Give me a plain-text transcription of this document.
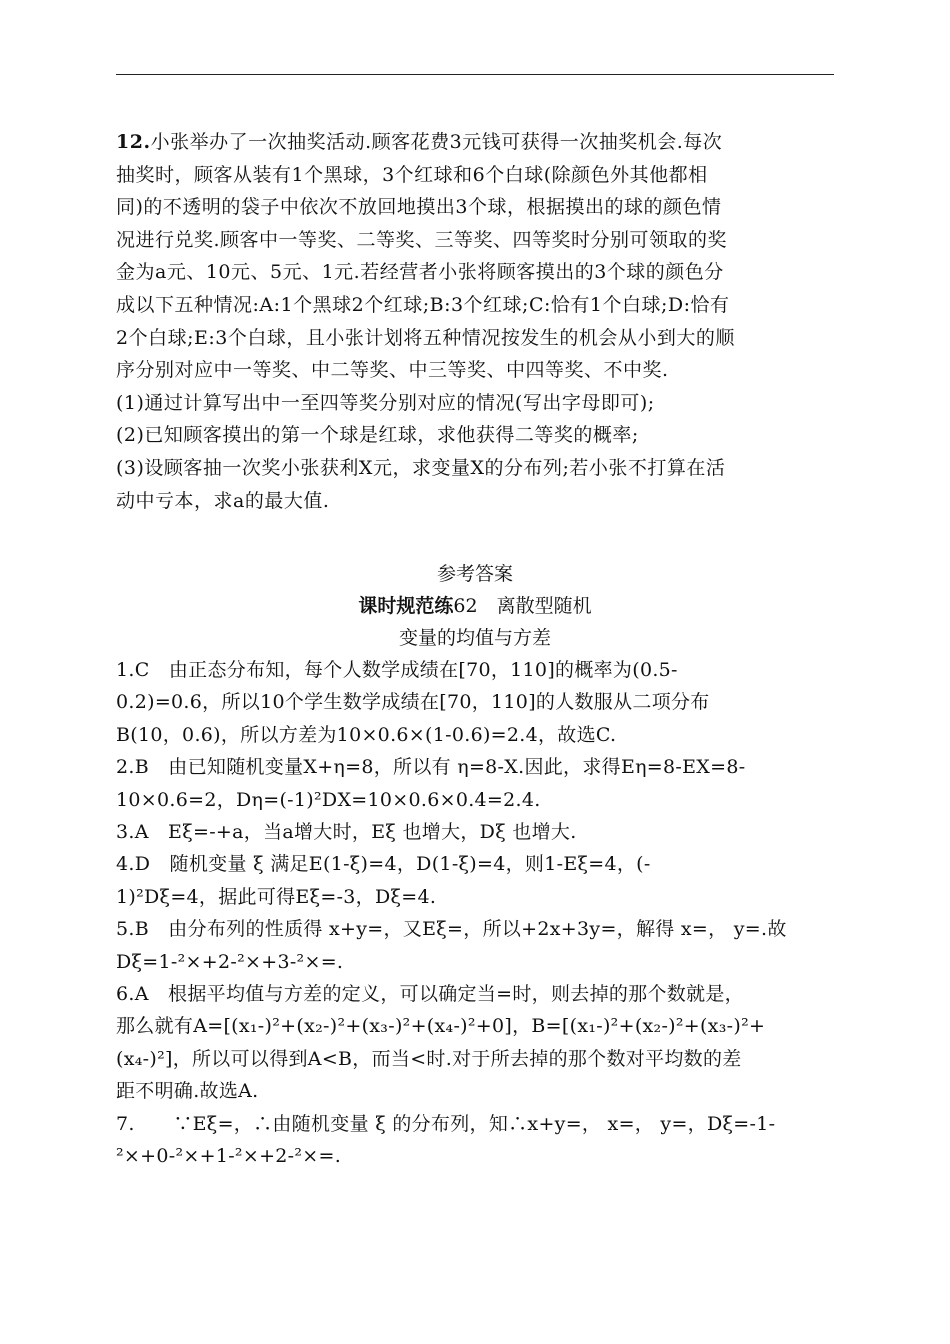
12.小张举办了一次抽奖活动.顾客花费3元钱可获得一次抽奖机会.每次
抽奖时，顾客从装有1个黑球，3个红球和6个白球(除颜色外其他都相
同)的不透明的袋子中依次不放回地摸出3个球，根据摸出的球的颜色情
况进行兑奖.顾客中一等奖、二等奖、三等奖、四等奖时分别可领取的奖
金为a元、10元、5元、1元.若经营者小张将顾客摸出的3个球的颜色分
成以下五种情况:A:1个黑球2个红球;B:3个红球;C:恰有1个白球;D:恰有
2个白球;E:3个白球，且小张计划将五种情况按发生的机会从小到大的顺
序分别对应中一等奖、中二等奖、中三等奖、中四等奖、不中奖.
(1)通过计算写出中一至四等奖分别对应的情况(写出字母即可);
(2)已知顾客摸出的第一个球是红球，求他获得二等奖的概率;
(3)设顾客抽一次奖小张获利X元，求变量X的分布列;若小张不打算在活
动中亏本，求a的最大值.
参考答案
课时规范练62　离散型随机
变量的均值与方差
1.C　由正态分布知，每个人数学成绩在[70，110]的概率为(0.5-
0.2)=0.6，所以10个学生数学成绩在[70，110]的人数服从二项分布
B(10，0.6)，所以方差为10×0.6×(1-0.6)=2.4，故选C.
2.B　由已知随机变量X+η=8，所以有 η=8-X.因此，求得Eη=8-EX=8-
10×0.6=2，Dη=(-1)²DX=10×0.6×0.4=2.4.
3.A　Eξ=-+a，当a增大时，Eξ 也增大，Dξ 也增大.
4.D　随机变量 ξ 满足E(1-ξ)=4，D(1-ξ)=4，则1-Eξ=4，(-
1)²Dξ=4，据此可得Eξ=-3，Dξ=4.
5.B　由分布列的性质得 x+y=，又Eξ=，所以+2x+3y=，解得 x=， y=.故
Dξ=1-²×+2-²×+3-²×=.
6.A　根据平均值与方差的定义，可以确定当=时，则去掉的那个数就是，
那么就有A=[(x₁-)²+(x₂-)²+(x₃-)²+(x₄-)²+0]，B=[(x₁-)²+(x₂-)²+(x₃-)²+
(x₄-)²]，所以可以得到A<B，而当<时.对于所去掉的那个数对平均数的差
距不明确.故选A.
7.　　∵Eξ=，∴由随机变量 ξ 的分布列，知∴x+y=， x=， y=，Dξ=-1-
²×+0-²×+1-²×+2-²×=.
